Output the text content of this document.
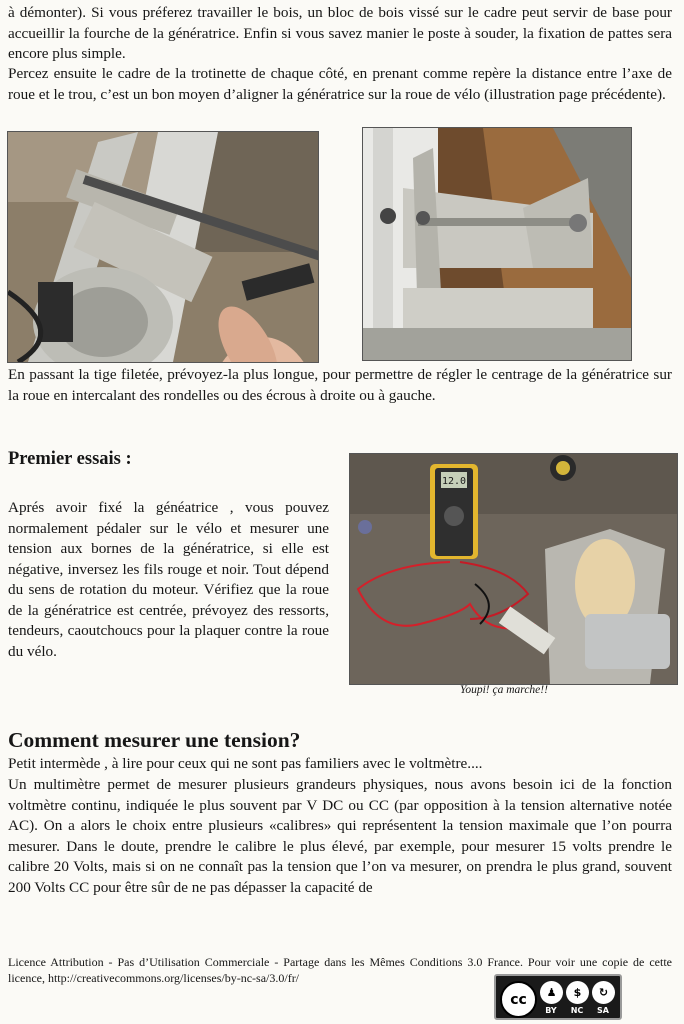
à démonter). Si vous préferez travailler le bois, un bloc de bois vissé sur le cadre peut servir de base pour accueillir la fourche de la génératrice. Enfin si vous savez manier le poste à souder, la fixation de pattes sera encore plus simple.

Percez ensuite le cadre de la trotinette de chaque côté, en prenant comme repère la distance entre l’axe de roue et le trou, c’est un bon moyen d’aligner la génératrice sur la roue de vélo (illustration page précédente).

En passant la tige filetée, prévoyez-la plus longue, pour permettre de régler le centrage de la génératrice sur la roue en intercalant des rondelles ou des écrous à droite ou à gauche.

Premier essais :

Aprés avoir fixé la généatrice , vous pouvez normalement pédaler sur le vélo et mesurer une tension aux bornes de la génératrice, si elle est négative, inversez les fils rouge et noir. Tout dépend du sens de rotation du moteur. Vérifiez que la roue de la génératrice est centrée, prévoyez des ressorts, tendeurs, caoutchoucs pour la plaquer contre la roue du vélo.

12.0

Youpi! ça marche!!

Comment mesurer une tension?

Petit intermède , à lire pour ceux qui ne sont pas familiers avec le voltmètre....

Un multimètre permet de mesurer plusieurs grandeurs physiques, nous avons besoin ici de la fonction voltmètre continu, indiquée le plus souvent par V DC ou CC (par opposition à la tension alternative notée AC). On a alors le choix entre plusieurs «calibres» qui représentent la tension maximale que l’on pourra mesurer. Dans le doute, prendre le calibre le plus élevé, par exemple, pour mesurer 15 volts prendre le calibre 20 Volts, mais si on ne connaît pas la tension que l’on va mesurer, on prendra le plus grand, souvent 200 Volts CC pour être sûr de ne pas dépasser la capacité de

Licence Attribution - Pas d’Utilisation Commerciale - Partage dans les Mêmes Conditions 3.0 France. Pour voir une copie de cette licence, http://creativecommons.org/licenses/by-nc-sa/3.0/fr/

cc	♟	$	↻
BY	NC	SA
